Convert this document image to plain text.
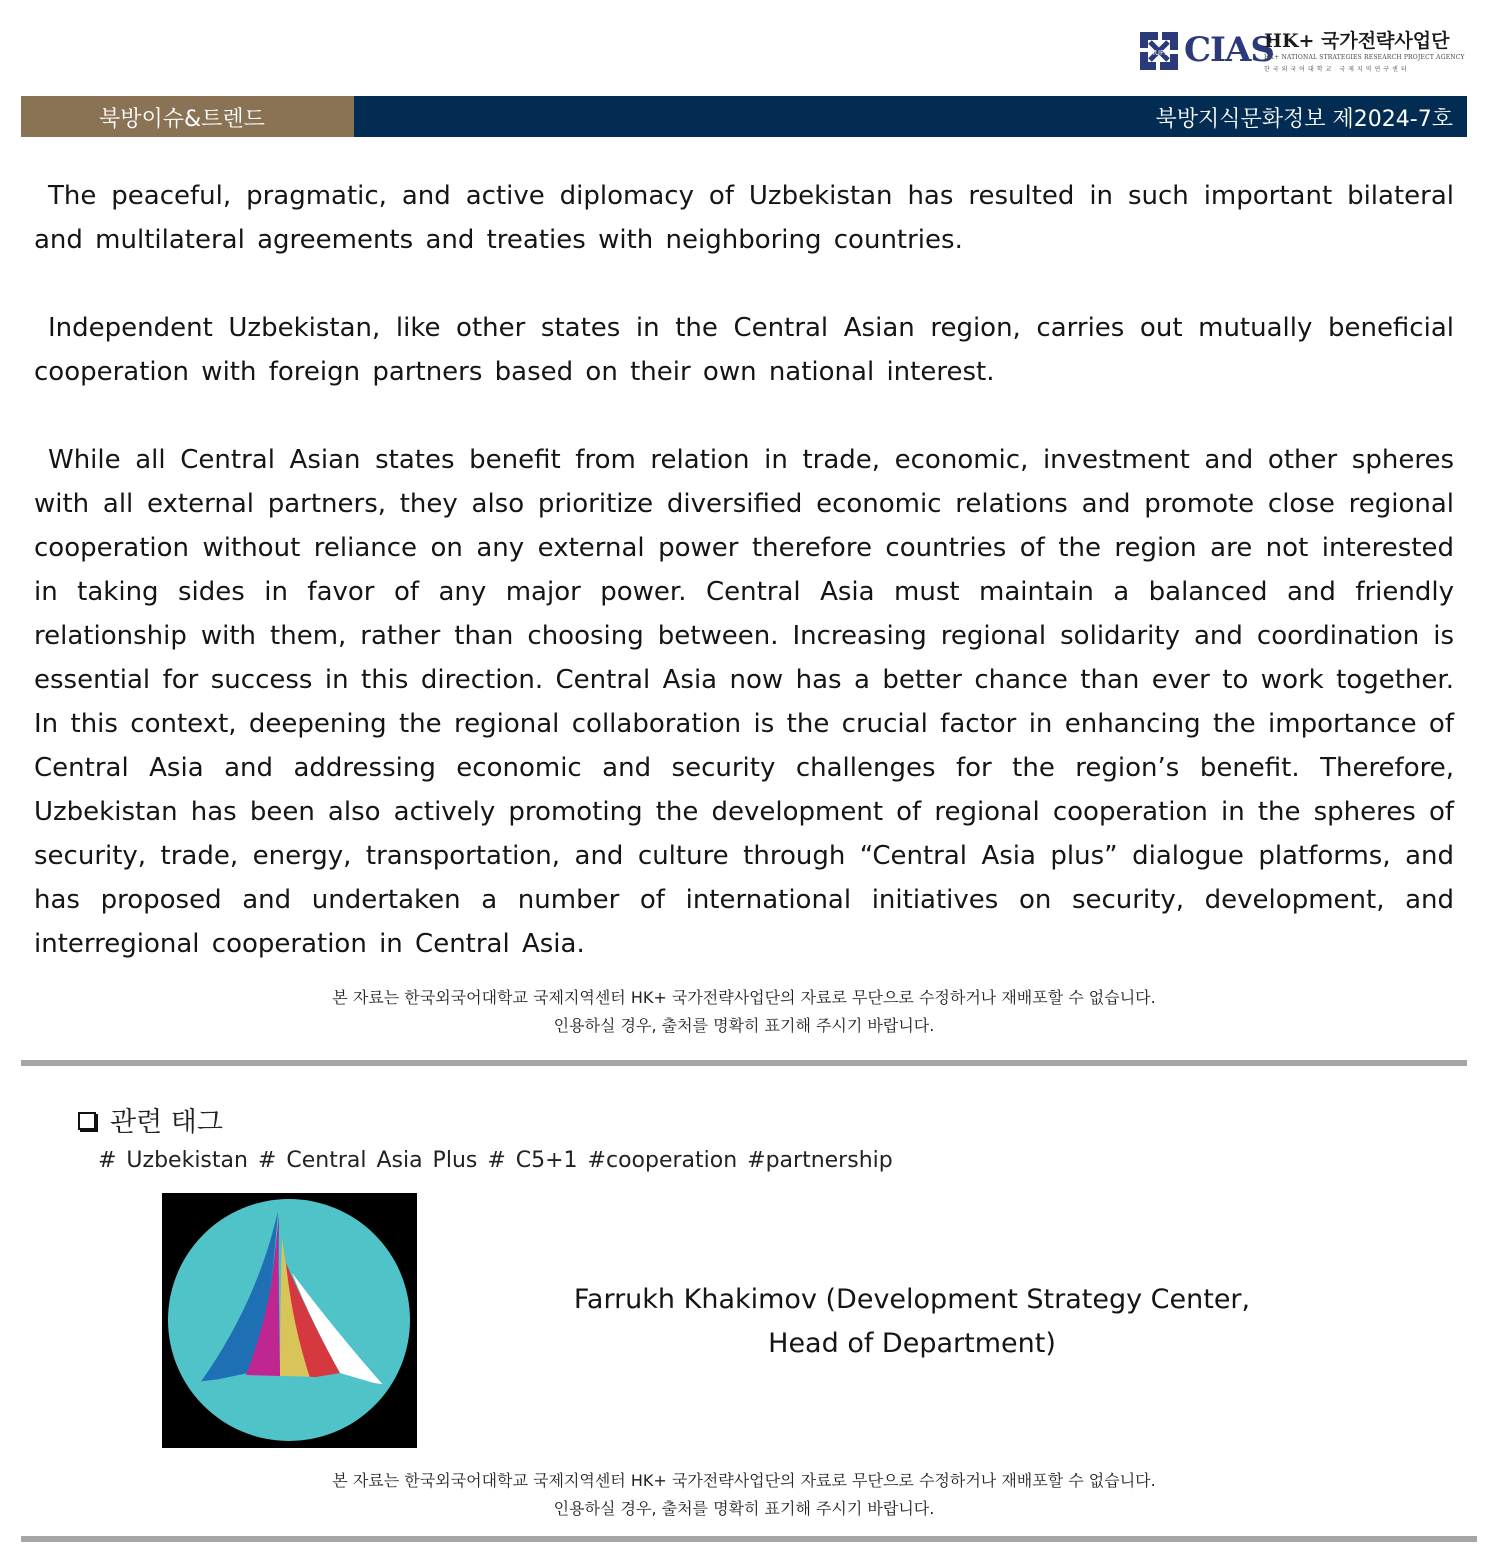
HUFS CIAS
HK+ 국가전략사업단
HK+ NATIONAL STRATEGIES RESEARCH PROJECT AGENCY
한국외국어대학교 국제지역연구센터
북방이슈&트렌드	북방지식문화정보 제2024-7호

The peaceful, pragmatic, and active diplomacy of Uzbekistan has resulted in such important bilateral and multilateral agreements and treaties with neighboring countries.

Independent Uzbekistan, like other states in the Central Asian region, carries out mutually beneficial cooperation with foreign partners based on their own national interest.

While all Central Asian states benefit from relation in trade, economic, investment and other spheres with all external partners, they also prioritize diversified economic relations and promote close regional cooperation without reliance on any external power therefore countries of the region are not interested in taking sides in favor of any major power. Central Asia must maintain a balanced and friendly relationship with them, rather than choosing between. Increasing regional solidarity and coordination is essential for success in this direction. Central Asia now has a better chance than ever to work together. In this context, deepening the regional collaboration is the crucial factor in enhancing the importance of Central Asia and addressing economic and security challenges for the region’s benefit. Therefore, Uzbekistan has been also actively promoting the development of regional cooperation in the spheres of security, trade, energy, transportation, and culture through “Central Asia plus” dialogue platforms, and has proposed and undertaken a number of international initiatives on security, development, and interregional cooperation in Central Asia.

본 자료는 한국외국어대학교 국제지역센터 HK+ 국가전략사업단의 자료로 무단으로 수정하거나 재배포할 수 없습니다.
인용하실 경우, 출처를 명확히 표기해 주시기 바랍니다.
관련 태그
# Uzbekistan # Central Asia Plus # C5+1 #cooperation #partnership
Farrukh Khakimov (Development Strategy Center,
Head of Department)
본 자료는 한국외국어대학교 국제지역센터 HK+ 국가전략사업단의 자료로 무단으로 수정하거나 재배포할 수 없습니다.
인용하실 경우, 출처를 명확히 표기해 주시기 바랍니다.
